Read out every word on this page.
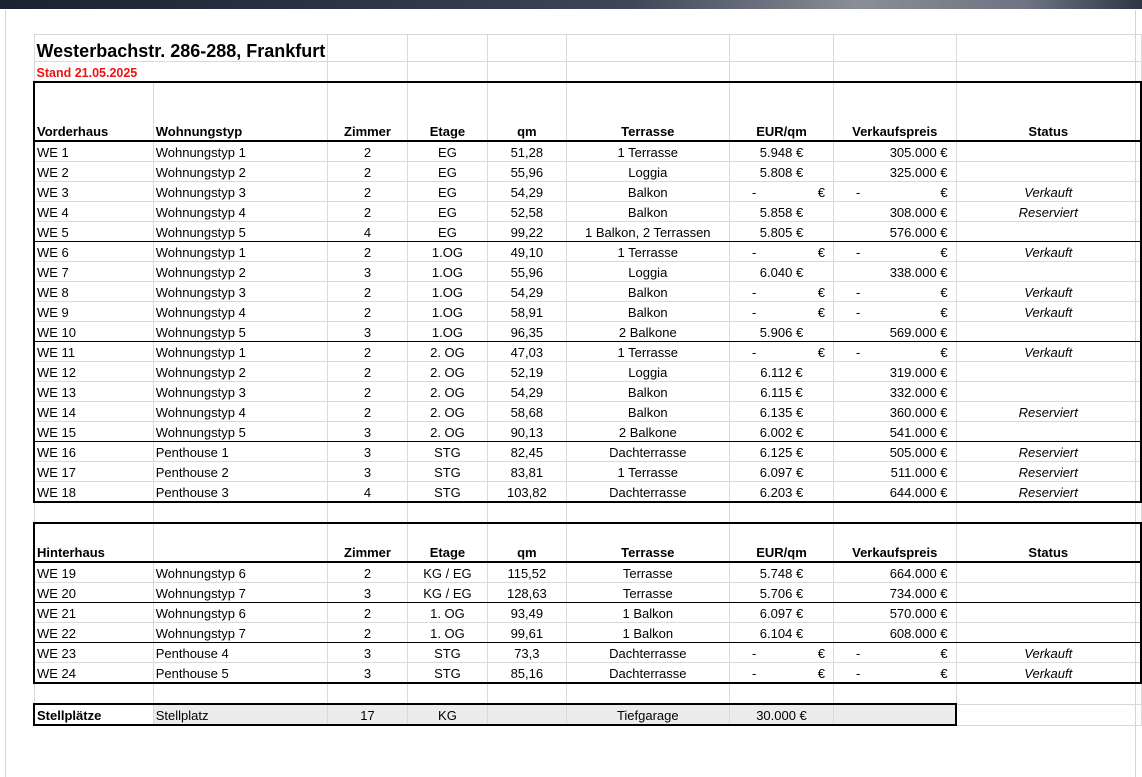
Westerbachstr. 286-288, Frankfurt								
Stand 21.05.2025								
Vorderhaus	Wohnungstyp	Zimmer	Etage	qm	Terrasse	EUR/qm	Verkaufspreis	Status
WE 1	Wohnungstyp 1	2	EG	51,28	1 Terrasse	5.948 €	305.000 €	
WE 2	Wohnungstyp 2	2	EG	55,96	Loggia	5.808 €	325.000 €	
WE 3	Wohnungstyp 3	2	EG	54,29	Balkon	- €	- €	Verkauft
WE 4	Wohnungstyp 4	2	EG	52,58	Balkon	5.858 €	308.000 €	Reserviert
WE 5	Wohnungstyp 5	4	EG	99,22	1 Balkon, 2 Terrassen	5.805 €	576.000 €	
WE 6	Wohnungstyp 1	2	1.OG	49,10	1 Terrasse	- €	- €	Verkauft
WE 7	Wohnungstyp 2	3	1.OG	55,96	Loggia	6.040 €	338.000 €	
WE 8	Wohnungstyp 3	2	1.OG	54,29	Balkon	- €	- €	Verkauft
WE 9	Wohnungstyp 4	2	1.OG	58,91	Balkon	- €	- €	Verkauft
WE 10	Wohnungstyp 5	3	1.OG	96,35	2 Balkone	5.906 €	569.000 €	
WE 11	Wohnungstyp 1	2	2. OG	47,03	1 Terrasse	- €	- €	Verkauft
WE 12	Wohnungstyp 2	2	2. OG	52,19	Loggia	6.112 €	319.000 €	
WE 13	Wohnungstyp 3	2	2. OG	54,29	Balkon	6.115 €	332.000 €	
WE 14	Wohnungstyp 4	2	2. OG	58,68	Balkon	6.135 €	360.000 €	Reserviert
WE 15	Wohnungstyp 5	3	2. OG	90,13	2 Balkone	6.002 €	541.000 €	
WE 16	Penthouse 1	3	STG	82,45	Dachterrasse	6.125 €	505.000 €	Reserviert
WE 17	Penthouse 2	3	STG	83,81	1 Terrasse	6.097 €	511.000 €	Reserviert
WE 18	Penthouse 3	4	STG	103,82	Dachterrasse	6.203 €	644.000 €	Reserviert

Hinterhaus		Zimmer	Etage	qm	Terrasse	EUR/qm	Verkaufspreis	Status
WE 19	Wohnungstyp 6	2	KG / EG	115,52	Terrasse	5.748 €	664.000 €	
WE 20	Wohnungstyp 7	3	KG / EG	128,63	Terrasse	5.706 €	734.000 €	
WE 21	Wohnungstyp 6	2	1. OG	93,49	1 Balkon	6.097 €	570.000 €	
WE 22	Wohnungstyp 7	2	1. OG	99,61	1 Balkon	6.104 €	608.000 €	
WE 23	Penthouse 4	3	STG	73,3	Dachterrasse	- €	- €	Verkauft
WE 24	Penthouse 5	3	STG	85,16	Dachterrasse	- €	- €	Verkauft

Stellplätze	Stellplatz	17	KG		Tiefgarage	30.000 €		
